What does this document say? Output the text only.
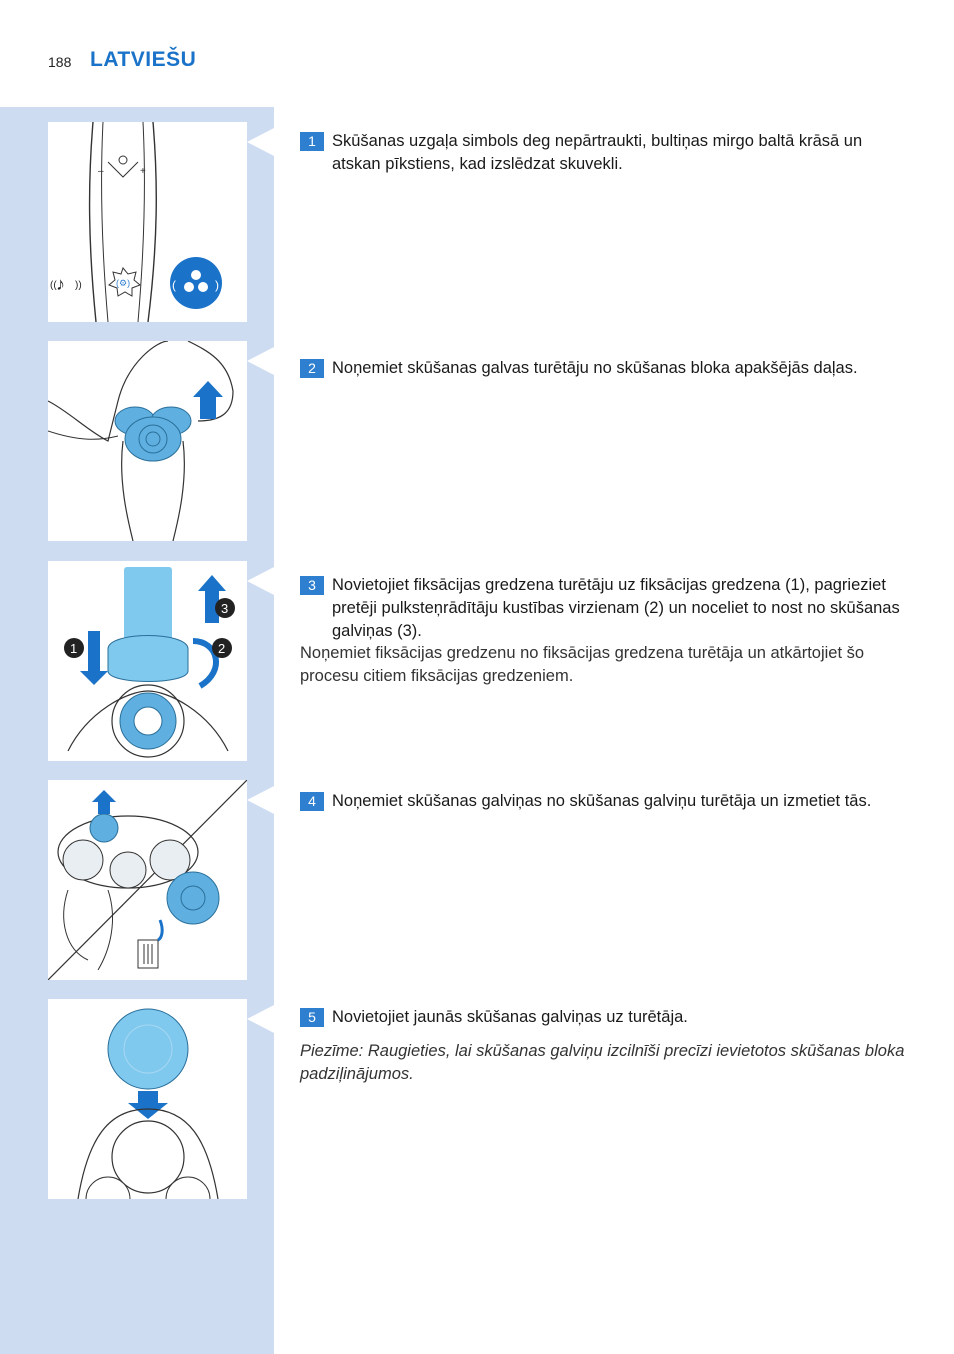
188 LATVIEŠU
–	+
(⚙)
♪
(( ))	(	)
1	2
3
1 Skūšanas uzgaļa simbols deg nepārtraukti, bultiņas mirgo baltā krāsā un atskan pīkstiens, kad izslēdzat skuvekli.
2 Noņemiet skūšanas galvas turētāju no skūšanas bloka apakšējās daļas.
3 Novietojiet fiksācijas gredzena turētāju uz fiksācijas gredzena (1), pagrieziet pretēji pulksteņrādītāju kustības virzienam (2) un noceliet to nost no skūšanas galviņas (3).
Noņemiet fiksācijas gredzenu no fiksācijas gredzena turētāja un atkārtojiet šo procesu citiem fiksācijas gredzeniem.
4 Noņemiet skūšanas galviņas no skūšanas galviņu turētāja un izmetiet tās.
5 Novietojiet jaunās skūšanas galviņas uz turētāja.
Piezīme: Raugieties, lai skūšanas galviņu izcilnīši precīzi ievietotos skūšanas bloka padziļinājumos.
